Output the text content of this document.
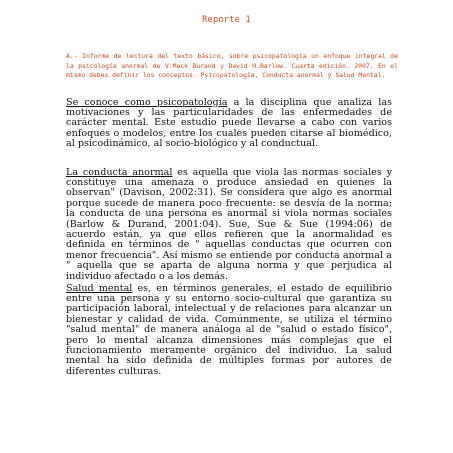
Reporte 1
A.- Informe de lectura del texto básico, sobre psicopatología un enfoque integral de la psicología anormal de V.Mack Durand y David H.Barlow. Cuarta edición. 2007. En el mismo debes definir los conceptos. Psicopatología, Conducta anormal y Salud Mental.

Se conoce como psicopatología a la disciplina que analiza las motivaciones y las particularidades de las enfermedades de carácter mental. Este estudio puede llevarse a cabo con varios enfoques o modelos, entre los cuales pueden citarse al biomédico, al psicodinámico, al socio-biológico y al conductual.

La conducta anormal es aquella que viola las normas sociales y constituye una amenaza o produce ansiedad en quienes la observan" (Davison, 2002:31). Se considera que algo es anormal porque sucede de manera poco frecuente: se desvía de la norma; la conducta de una persona es anormal si viola normas sociales (Barlow & Durand, 2001:04). Sue, Sue & Sue (1994:06) de acuerdo están, ya que ellos refieren que la anormalidad es definida en términos de " aquellas conductas que ocurren con menor frecuencia". Así mismo se entiende por conducta anormal a " aquella que se aparta de alguna norma y que perjudica al individuo afectado o a los demás.

Salud mental es, en términos generales, el estado de equilibrio entre una persona y su entorno socio-cultural que garantiza su participación laboral, intelectual y de relaciones para alcanzar un bienestar y calidad de vida. Comúnmente, se utiliza el término "salud mental" de manera análoga al de "salud o estado físico", pero lo mental alcanza dimensiones más complejas que el funcionamiento meramente orgánico del individuo. La salud mental ha sido definida de múltiples formas por autores de diferentes culturas.
